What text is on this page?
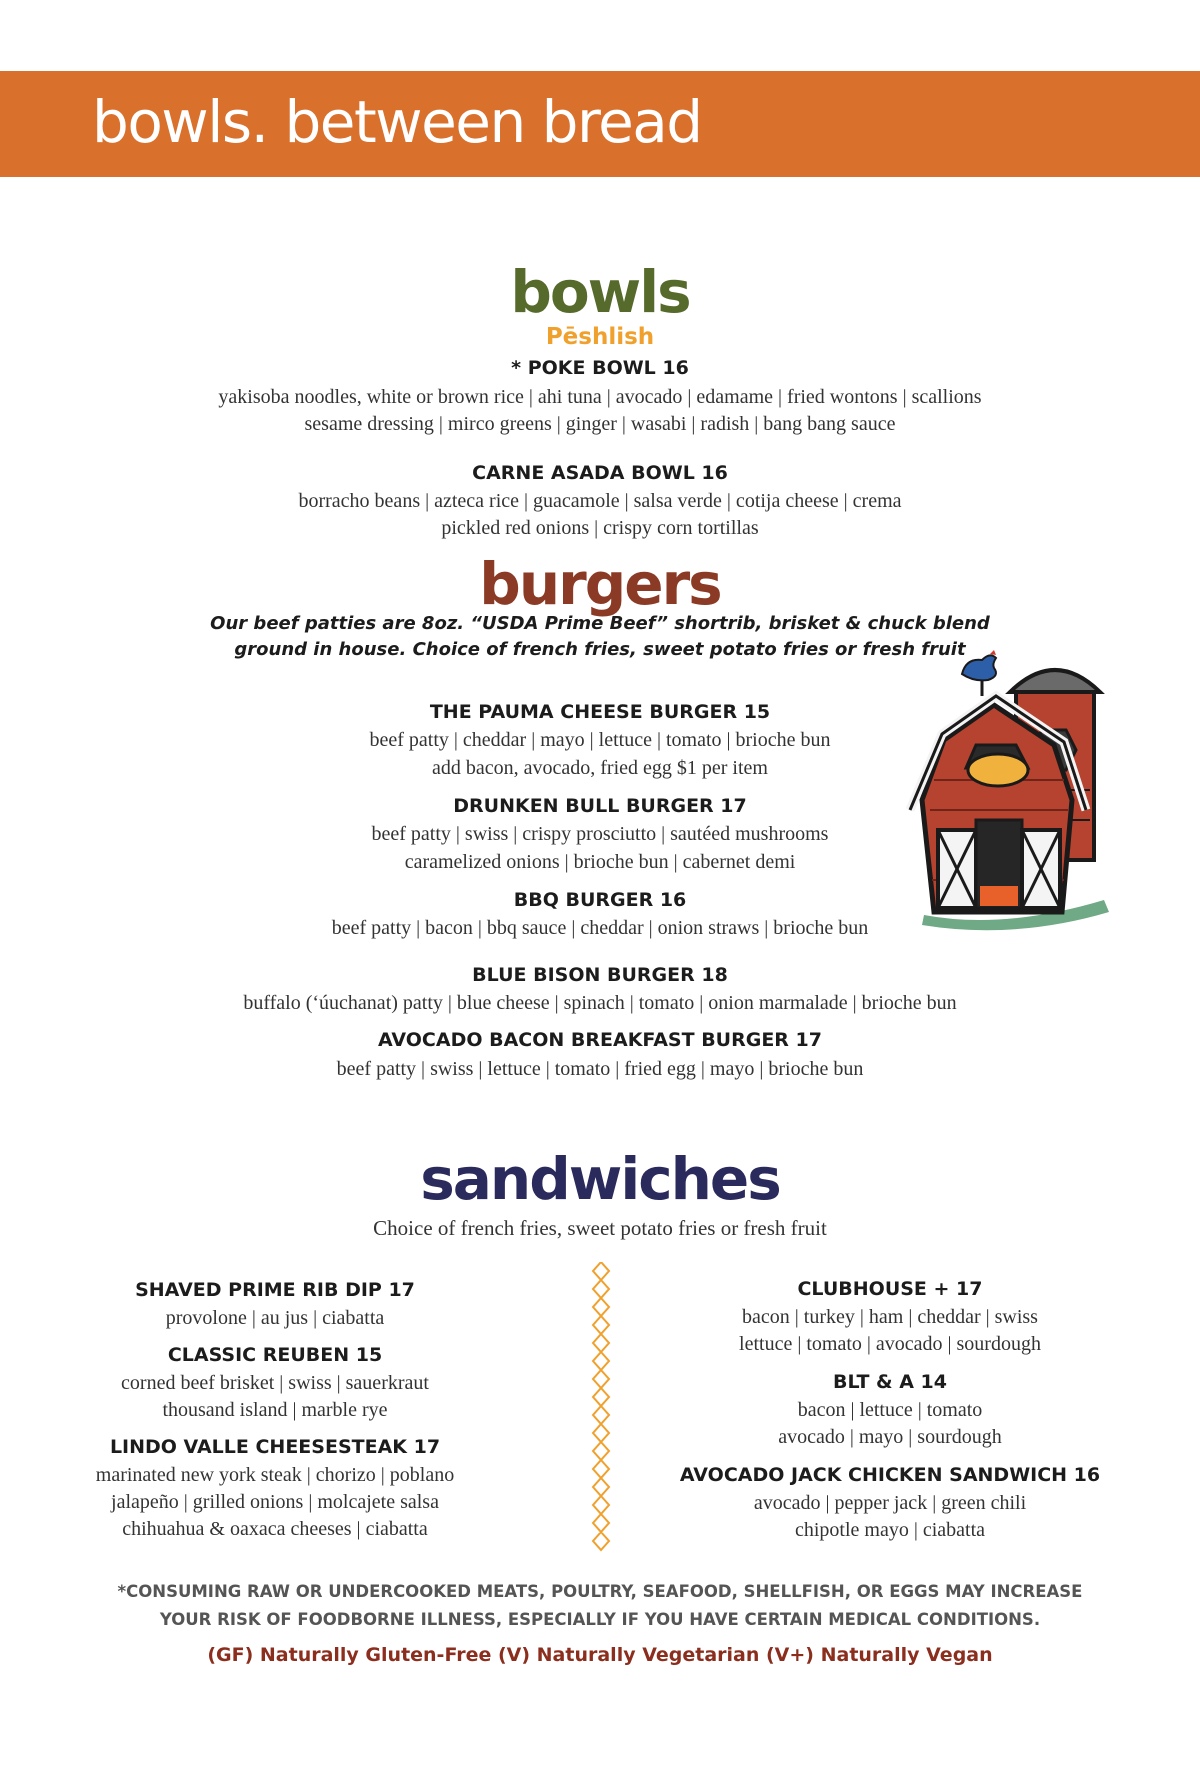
bowls. between bread
bowls
Pēshlish
* POKE BOWL 16
yakisoba noodles, white or brown rice | ahi tuna | avocado | edamame | fried wontons | scallions
sesame dressing | mirco greens | ginger | wasabi | radish | bang bang sauce
CARNE ASADA BOWL 16
borracho beans | azteca rice | guacamole | salsa verde | cotija cheese | crema
pickled red onions | crispy corn tortillas
burgers
Our beef patties are 8oz. “USDA Prime Beef” shortrib, brisket & chuck blend
ground in house. Choice of french fries, sweet potato fries or fresh fruit
THE PAUMA CHEESE BURGER 15
beef patty | cheddar | mayo | lettuce | tomato | brioche bun
add bacon, avocado, fried egg $1 per item
DRUNKEN BULL BURGER 17
beef patty | swiss | crispy prosciutto | sautéed mushrooms
caramelized onions | brioche bun | cabernet demi
BBQ BURGER 16
beef patty | bacon | bbq sauce | cheddar | onion straws | brioche bun
BLUE BISON BURGER 18
buffalo (‘úuchanat) patty | blue cheese | spinach | tomato | onion marmalade | brioche bun
AVOCADO BACON BREAKFAST BURGER 17
beef patty | swiss | lettuce | tomato | fried egg | mayo | brioche bun
sandwiches
Choice of french fries, sweet potato fries or fresh fruit
SHAVED PRIME RIB DIP 17
provolone | au jus | ciabatta
CLASSIC REUBEN 15
corned beef brisket | swiss | sauerkraut
thousand island | marble rye
LINDO VALLE CHEESESTEAK 17
marinated new york steak | chorizo | poblano
jalapeño | grilled onions | molcajete salsa
chihuahua & oaxaca cheeses | ciabatta
CLUBHOUSE + 17
bacon | turkey | ham | cheddar | swiss
lettuce | tomato | avocado | sourdough
BLT & A 14
bacon | lettuce | tomato
avocado | mayo | sourdough
AVOCADO JACK CHICKEN SANDWICH 16
avocado | pepper jack | green chili
chipotle mayo | ciabatta
*CONSUMING RAW OR UNDERCOOKED MEATS, POULTRY, SEAFOOD, SHELLFISH, OR EGGS MAY INCREASE
YOUR RISK OF FOODBORNE ILLNESS, ESPECIALLY IF YOU HAVE CERTAIN MEDICAL CONDITIONS.
(GF) Naturally Gluten-Free (V) Naturally Vegetarian (V+) Naturally Vegan
